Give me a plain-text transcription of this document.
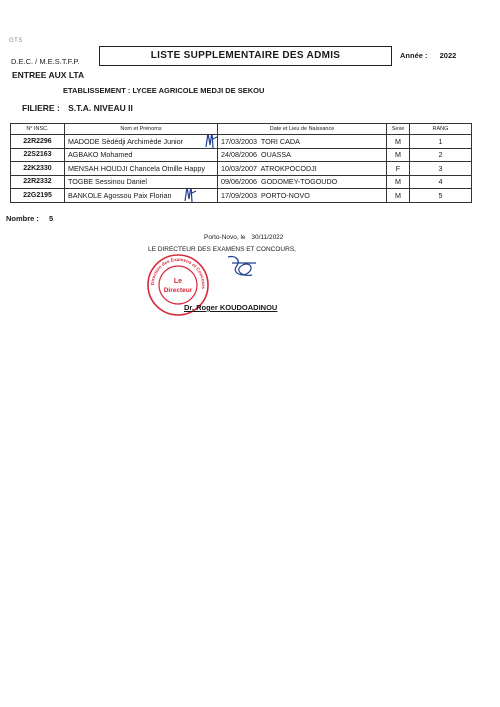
GTS
D.E.C. / M.E.S.T.F.P.
LISTE SUPPLEMENTAIRE DES ADMIS	Année : 2022
ENTREE AUX LTA
ETABLISSEMENT : LYCEE AGRICOLE MEDJI DE SEKOU
FILIERE : S.T.A. NIVEAU II
N° INSC.	Nom et Prénoms	Date et Lieu de Naissance	Sexe	RANG
22R2296	MADODE Sèdédji Archimède Junior	17/03/2003 TORI CADA	M	1
22S2163	AGBAKO Mohamed	24/08/2006 OUASSA	M	2
22K2330	MENSAH HOUDJI Chancela Otnille Happy	10/03/2007 ATROKPOCODJI	F	3
22R2332	TOGBE Sessinou Daniel	09/06/2006 GODOMEY-TOGOUDO	M	4
22G2195	BANKOLE Agossou Paix Florian	17/09/2003 PORTO-NOVO	M	5
Nombre : 5
Porto-Novo, le 30/11/2022
LE DIRECTEUR DES EXAMENS ET CONCOURS,
Direction des Examens et Concours
Le
Directeur
Dr. Roger KOUDOADINOU
